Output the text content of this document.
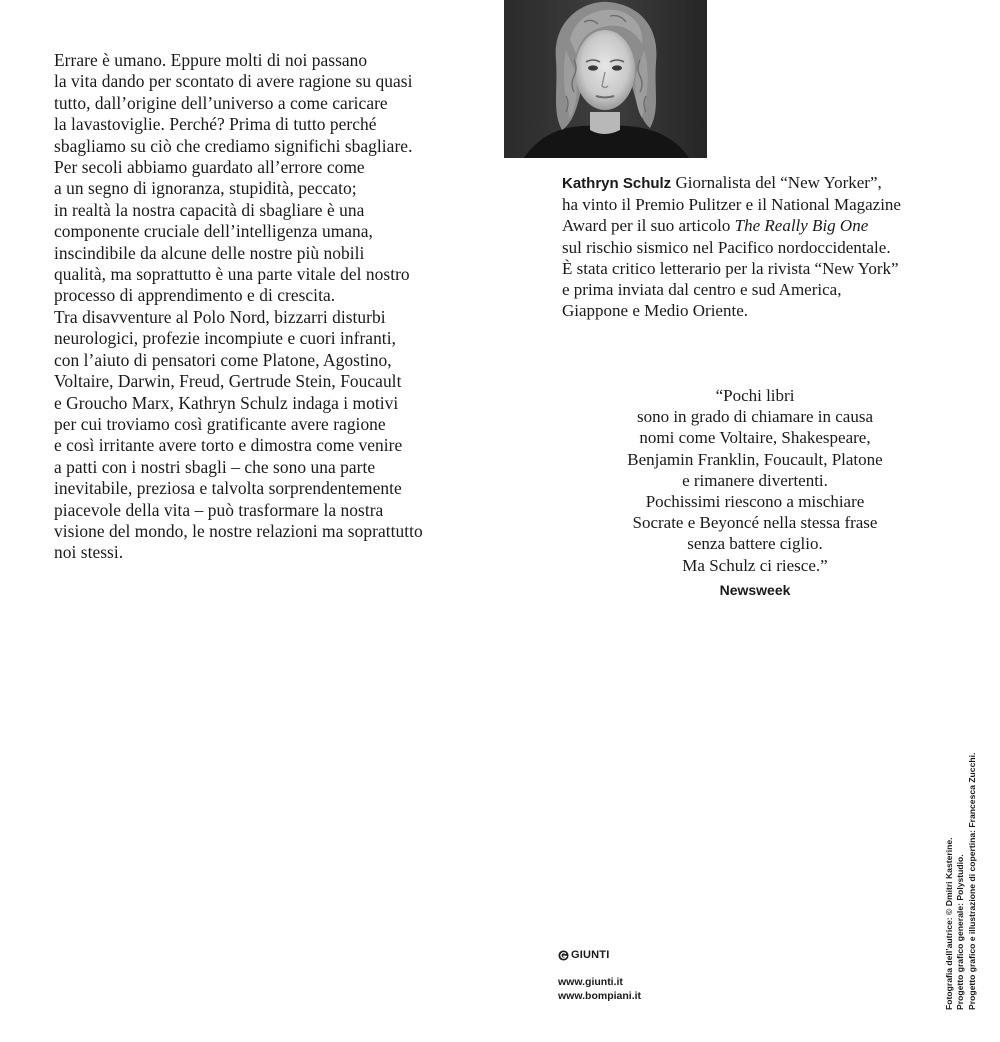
Errare è umano. Eppure molti di noi passano
la vita dando per scontato di avere ragione su quasi
tutto, dall’origine dell’universo a come caricare
la lavastoviglie. Perché? Prima di tutto perché
sbagliamo su ciò che crediamo significhi sbagliare.
Per secoli abbiamo guardato all’errore come
a un segno di ignoranza, stupidità, peccato;
in realtà la nostra capacità di sbagliare è una
componente cruciale dell’intelligenza umana,
inscindibile da alcune delle nostre più nobili
qualità, ma soprattutto è una parte vitale del nostro
processo di apprendimento e di crescita.
Tra disavventure al Polo Nord, bizzarri disturbi
neurologici, profezie incompiute e cuori infranti,
con l’aiuto di pensatori come Platone, Agostino,
Voltaire, Darwin, Freud, Gertrude Stein, Foucault
e Groucho Marx, Kathryn Schulz indaga i motivi
per cui troviamo così gratificante avere ragione
e così irritante avere torto e dimostra come venire
a patti con i nostri sbagli – che sono una parte
inevitabile, preziosa e talvolta sorprendentemente
piacevole della vita – può trasformare la nostra
visione del mondo, le nostre relazioni ma soprattutto
noi stessi.
Kathryn Schulz Giornalista del “New Yorker”,
ha vinto il Premio Pulitzer e il National Magazine
Award per il suo articolo The Really Big One
sul rischio sismico nel Pacifico nordoccidentale.
È stata critico letterario per la rivista “New York”
e prima inviata dal centro e sud America,
Giappone e Medio Oriente.
“Pochi libri
sono in grado di chiamare in causa
nomi come Voltaire, Shakespeare,
Benjamin Franklin, Foucault, Platone
e rimanere divertenti.
Pochissimi riescono a mischiare
Socrate e Beyoncé nella stessa frase
senza battere ciglio.
Ma Schulz ci riesce.”
Newsweek
GIUNTI
www.giunti.it
www.bompiani.it	Fotografia dell’autrice: © Dmitri Kasterine. Progetto grafico generale: Polystudio. Progetto grafico e illustrazione di copertina: Francesca Zucchi.
